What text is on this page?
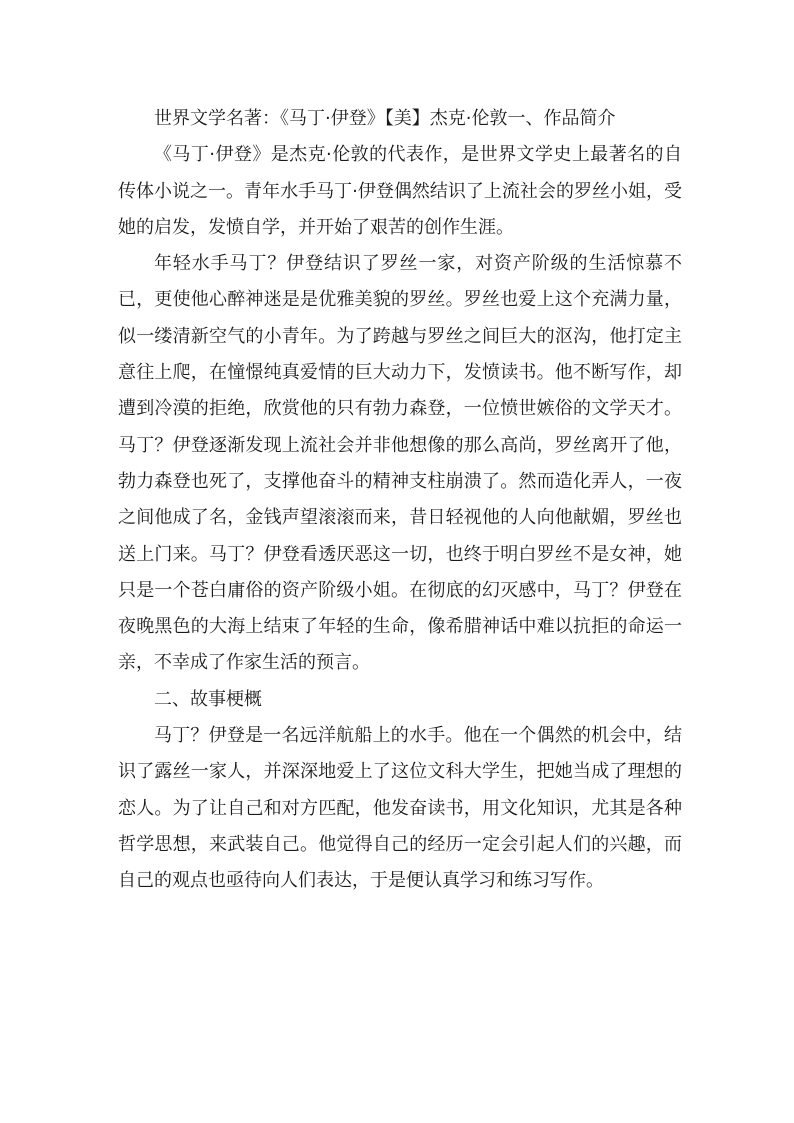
世界文学名著：《马丁·伊登》【美】杰克·伦敦一、作品简介

《马丁·伊登》是杰克·伦敦的代表作，是世界文学史上最著名的自传体小说之一。青年水手马丁·伊登偶然结识了上流社会的罗丝小姐，受她的启发，发愤自学，并开始了艰苦的创作生涯。

年轻水手马丁？伊登结识了罗丝一家，对资产阶级的生活惊慕不已，更使他心醉神迷是是优雅美貌的罗丝。罗丝也爱上这个充满力量，似一缕清新空气的小青年。为了跨越与罗丝之间巨大的沤沟，他打定主意往上爬，在憧憬纯真爱情的巨大动力下，发愤读书。他不断写作，却遭到冷漠的拒绝，欣赏他的只有勃力森登，一位愤世嫉俗的文学天才。马丁？伊登逐渐发现上流社会并非他想像的那么高尚，罗丝离开了他，勃力森登也死了，支撑他奋斗的精神支柱崩溃了。然而造化弄人，一夜之间他成了名，金钱声望滚滚而来，昔日轻视他的人向他献媚，罗丝也送上门来。马丁？伊登看透厌恶这一切，也终于明白罗丝不是女神，她只是一个苍白庸俗的资产阶级小姐。在彻底的幻灭感中，马丁？伊登在夜晚黑色的大海上结束了年轻的生命，像希腊神话中难以抗拒的命运一亲，不幸成了作家生活的预言。

二、故事梗概

马丁？伊登是一名远洋航船上的水手。他在一个偶然的机会中，结识了露丝一家人，并深深地爱上了这位文科大学生，把她当成了理想的恋人。为了让自己和对方匹配，他发奋读书，用文化知识，尤其是各种哲学思想，来武装自己。他觉得自己的经历一定会引起人们的兴趣，而自己的观点也亟待向人们表达，于是便认真学习和练习写作。
